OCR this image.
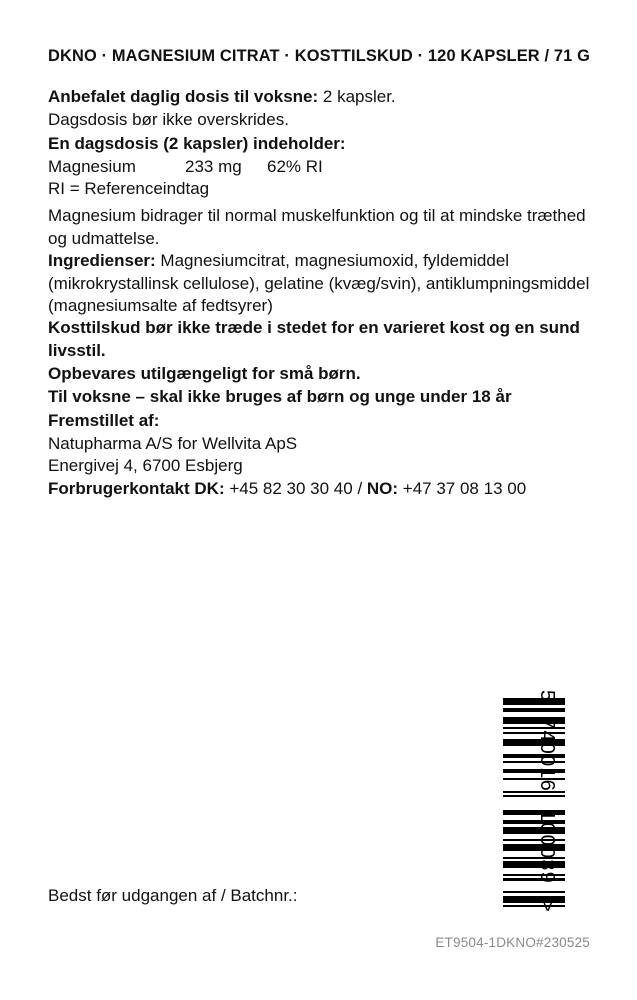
DKNO · MAGNESIUM CITRAT · KOSTTILSKUD · 120 KAPSLER / 71 G
Anbefalet daglig dosis til voksne: 2 kapsler.
Dagsdosis bør ikke overskrides.
En dagsdosis (2 kapsler) indeholder:
Magnesium	233 mg 62% RI
RI = Referenceindtag
Magnesium bidrager til normal muskelfunktion og til at mindske træthed og udmattelse.
Ingredienser: Magnesiumcitrat, magnesiumoxid, fyldemiddel (mikrokrystallinsk cellulose), gelatine (kvæg/svin), antiklumpningsmiddel (magnesiumsalte af fedtsyrer)
Kosttilskud bør ikke træde i stedet for en varieret kost og en sund livsstil.
Opbevares utilgængeligt for små børn.
Til voksne – skal ikke bruges af børn og unge under 18 år
Fremstillet af:
Natupharma A/S for Wellvita ApS
Energivej 4, 6700 Esbjerg
Forbrugerkontakt DK: +45 82 30 30 40 / NO: +47 37 08 13 00
Bedst før udgangen af / Batchnr.:
ET9504-1DKNO#230525
5
740016
100039
>
